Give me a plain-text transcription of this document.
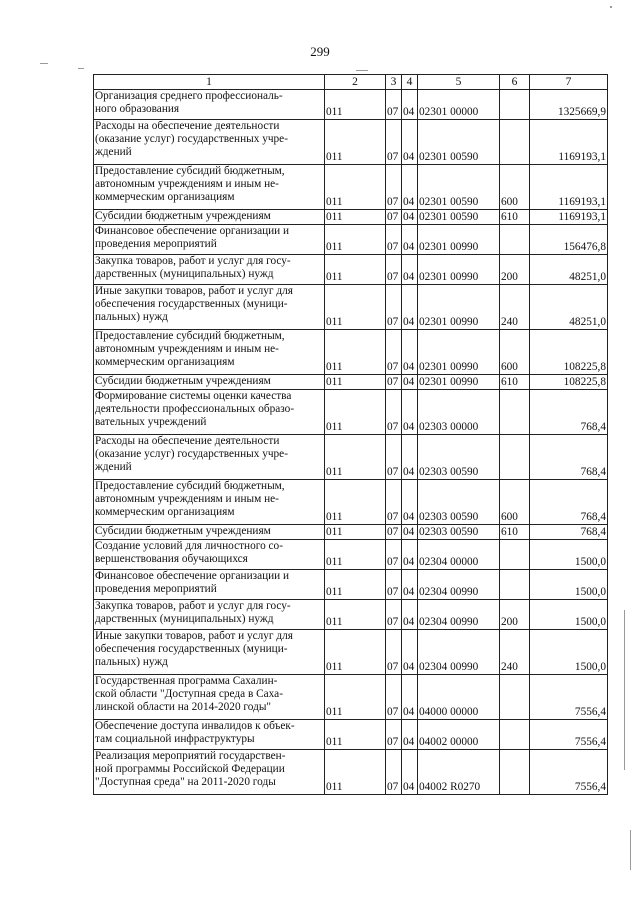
299
1	2	3	4	5	6	7
Организация среднего профессиональ-
ного образования	011	07	04	02301 00000		1325669,9
Расходы на обеспечение деятельности
(оказание услуг) государственных учре-
ждений	011	07	04	02301 00590		1169193,1
Предоставление субсидий бюджетным,
автономным учреждениям и иным не-
коммерческим организациям	011	07	04	02301 00590	600	1169193,1
Субсидии бюджетным учреждениям	011	07	04	02301 00590	610	1169193,1
Финансовое обеспечение организации и
проведения мероприятий	011	07	04	02301 00990		156476,8
Закупка товаров, работ и услуг для госу-
дарственных (муниципальных) нужд	011	07	04	02301 00990	200	48251,0
Иные закупки товаров, работ и услуг для
обеспечения государственных (муници-
пальных) нужд	011	07	04	02301 00990	240	48251,0
Предоставление субсидий бюджетным,
автономным учреждениям и иным не-
коммерческим организациям	011	07	04	02301 00990	600	108225,8
Субсидии бюджетным учреждениям	011	07	04	02301 00990	610	108225,8
Формирование системы оценки качества
деятельности профессиональных образо-
вательных учреждений	011	07	04	02303 00000		768,4
Расходы на обеспечение деятельности
(оказание услуг) государственных учре-
ждений	011	07	04	02303 00590		768,4
Предоставление субсидий бюджетным,
автономным учреждениям и иным не-
коммерческим организациям	011	07	04	02303 00590	600	768,4
Субсидии бюджетным учреждениям	011	07	04	02303 00590	610	768,4
Создание условий для личностного со-
вершенствования обучающихся	011	07	04	02304 00000		1500,0
Финансовое обеспечение организации и
проведения мероприятий	011	07	04	02304 00990		1500,0
Закупка товаров, работ и услуг для госу-
дарственных (муниципальных) нужд	011	07	04	02304 00990	200	1500,0
Иные закупки товаров, работ и услуг для
обеспечения государственных (муници-
пальных) нужд	011	07	04	02304 00990	240	1500,0
Государственная программа Сахалин-
ской области "Доступная среда в Саха-
линской области на 2014-2020 годы"	011	07	04	04000 00000		7556,4
Обеспечение доступа инвалидов к объек-
там социальной инфраструктуры	011	07	04	04002 00000		7556,4
Реализация мероприятий государствен-
ной программы Российской Федерации
"Доступная среда" на 2011-2020 годы	011	07	04	04002 R0270		7556,4
